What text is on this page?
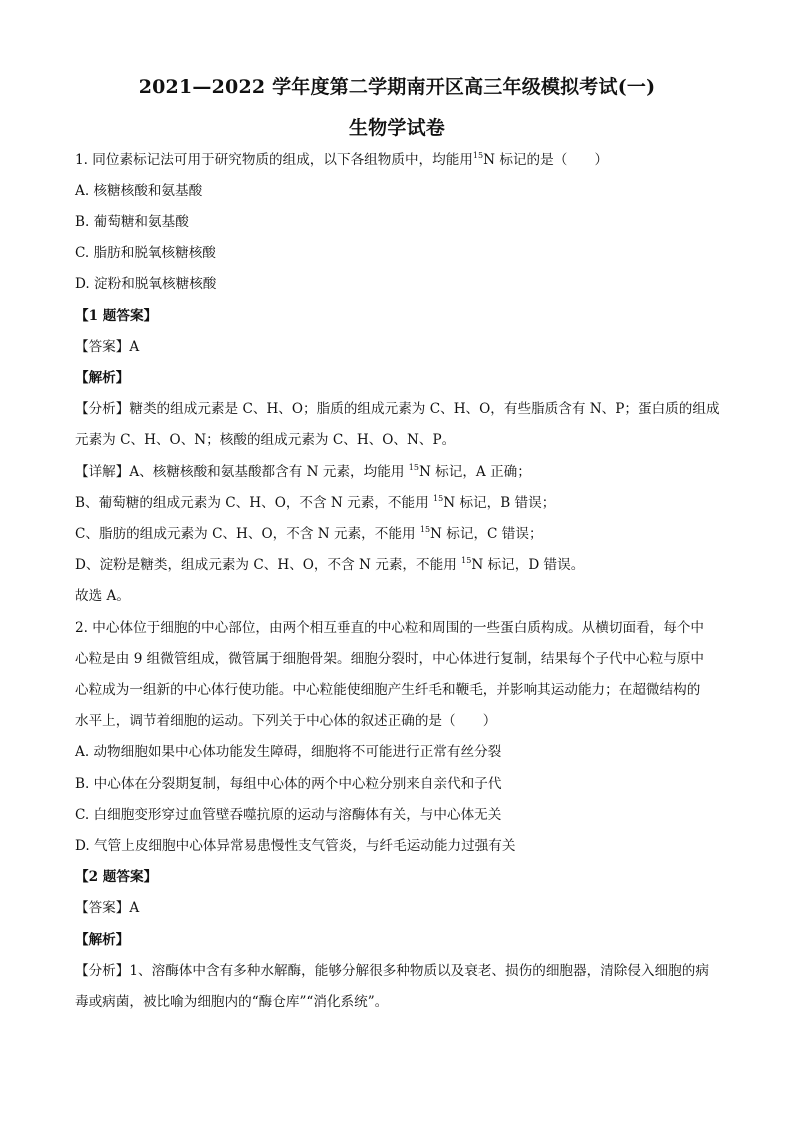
2021—2022 学年度第二学期南开区高三年级模拟考试(一)
生物学试卷
1. 同位素标记法可用于研究物质的组成，以下各组物质中，均能用$^{15}$N 标记的是（　　）
A. 核糖核酸和氨基酸
B. 葡萄糖和氨基酸
C. 脂肪和脱氧核糖核酸
D. 淀粉和脱氧核糖核酸
【1 题答案】
【答案】A
【解析】
【分析】糖类的组成元素是 C、H、O；脂质的组成元素为 C、H、O，有些脂质含有 N、P；蛋白质的组成
元素为 C、H、O、N；核酸的组成元素为 C、H、O、N、P。
【详解】A、核糖核酸和氨基酸都含有 N 元素，均能用 $^{15}$N 标记，A 正确；
B、葡萄糖的组成元素为 C、H、O，不含 N 元素，不能用 $^{15}$N 标记，B 错误；
C、脂肪的组成元素为 C、H、O，不含 N 元素，不能用 $^{15}$N 标记，C 错误；
D、淀粉是糖类，组成元素为 C、H、O，不含 N 元素，不能用 $^{15}$N 标记，D 错误。
故选 A。
2. 中心体位于细胞的中心部位，由两个相互垂直的中心粒和周围的一些蛋白质构成。从横切面看，每个中
心粒是由 9 组微管组成，微管属于细胞骨架。细胞分裂时，中心体进行复制，结果每个子代中心粒与原中
心粒成为一组新的中心体行使功能。中心粒能使细胞产生纤毛和鞭毛，并影响其运动能力；在超微结构的
水平上，调节着细胞的运动。下列关于中心体的叙述正确的是（　　）
A. 动物细胞如果中心体功能发生障碍，细胞将不可能进行正常有丝分裂
B. 中心体在分裂期复制，每组中心体的两个中心粒分别来自亲代和子代
C. 白细胞变形穿过血管壁吞噬抗原的运动与溶酶体有关，与中心体无关
D. 气管上皮细胞中心体异常易患慢性支气管炎，与纤毛运动能力过强有关
【2 题答案】
【答案】A
【解析】
【分析】1、溶酶体中含有多种水解酶，能够分解很多种物质以及衰老、损伤的细胞器，清除侵入细胞的病
毒或病菌，被比喻为细胞内的“酶仓库”“消化系统”。
